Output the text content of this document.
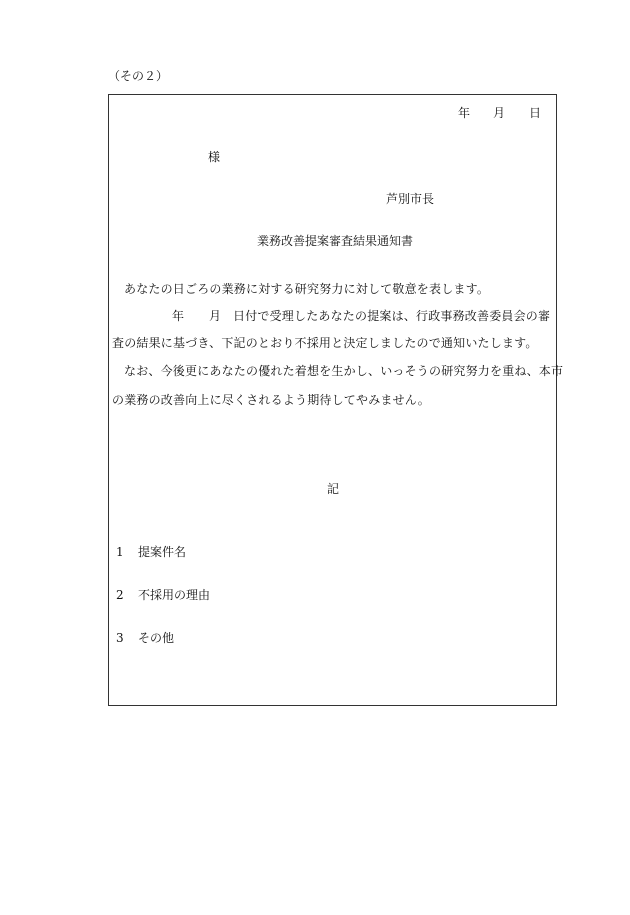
（その２）
年 月 日
様
芦別市長
業務改善提案審査結果通知書
あなたの日ごろの業務に対する研究努力に対して敬意を表します。
年 月 日付で受理したあなたの提案は、行政事務改善委員会の審
査の結果に基づき、下記のとおり不採用と決定しましたので通知いたします。
なお、今後更にあなたの優れた着想を生かし、いっそうの研究努力を重ね、本市
の業務の改善向上に尽くされるよう期待してやみません。
記
1 提案件名
2 不採用の理由
3 その他
